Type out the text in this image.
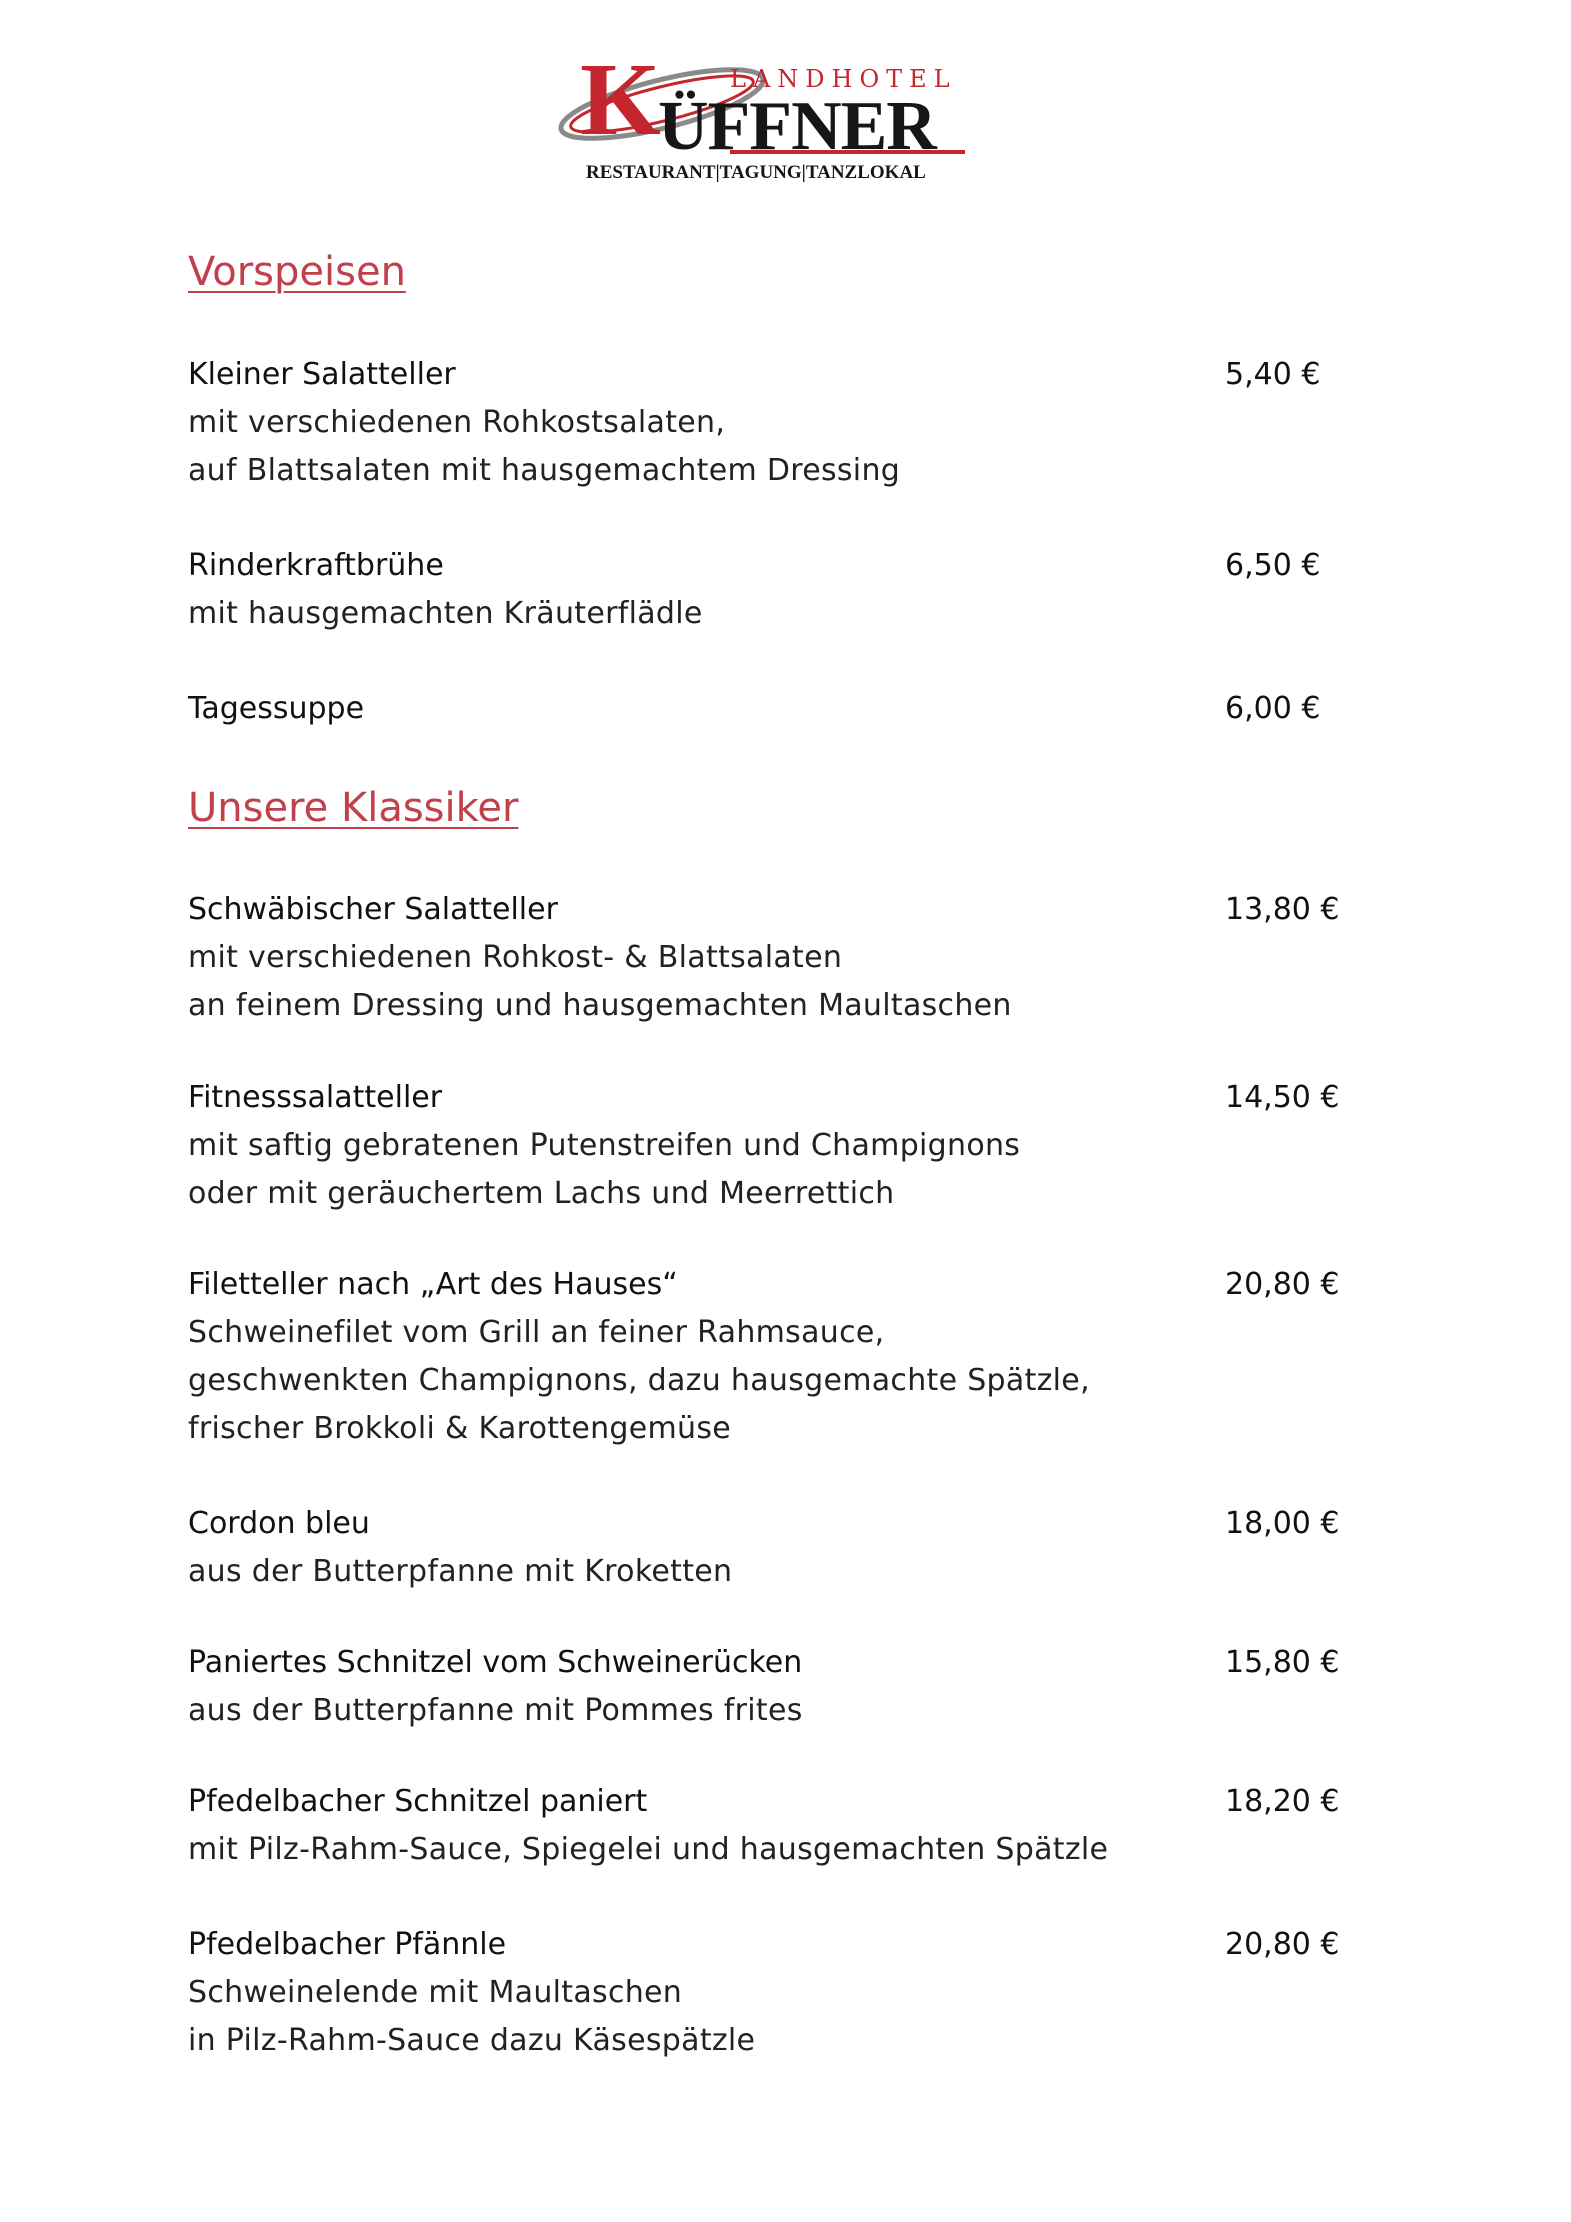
LANDHOTEL
K
ÜFFNER
RESTAURANT|TAGUNG|TANZLOKAL
Vorspeisen
Kleiner Salatteller	5,40 €
mit verschiedenen Rohkostsalaten,
auf Blattsalaten mit hausgemachtem Dressing
Rinderkraftbrühe	6,50 €
mit hausgemachten Kräuterflädle
Tagessuppe	6,00 €
Unsere Klassiker
Schwäbischer Salatteller	13,80 €
mit verschiedenen Rohkost- & Blattsalaten
an feinem Dressing und hausgemachten Maultaschen
Fitnesssalatteller	14,50 €
mit saftig gebratenen Putenstreifen und Champignons
oder mit geräuchertem Lachs und Meerrettich
Filetteller nach „Art des Hauses“	20,80 €
Schweinefilet vom Grill an feiner Rahmsauce,
geschwenkten Champignons, dazu hausgemachte Spätzle,
frischer Brokkoli & Karottengemüse
Cordon bleu	18,00 €
aus der Butterpfanne mit Kroketten
Paniertes Schnitzel vom Schweinerücken	15,80 €
aus der Butterpfanne mit Pommes frites
Pfedelbacher Schnitzel paniert	18,20 €
mit Pilz-Rahm-Sauce, Spiegelei und hausgemachten Spätzle
Pfedelbacher Pfännle	20,80 €
Schweinelende mit Maultaschen
in Pilz-Rahm-Sauce dazu Käsespätzle
